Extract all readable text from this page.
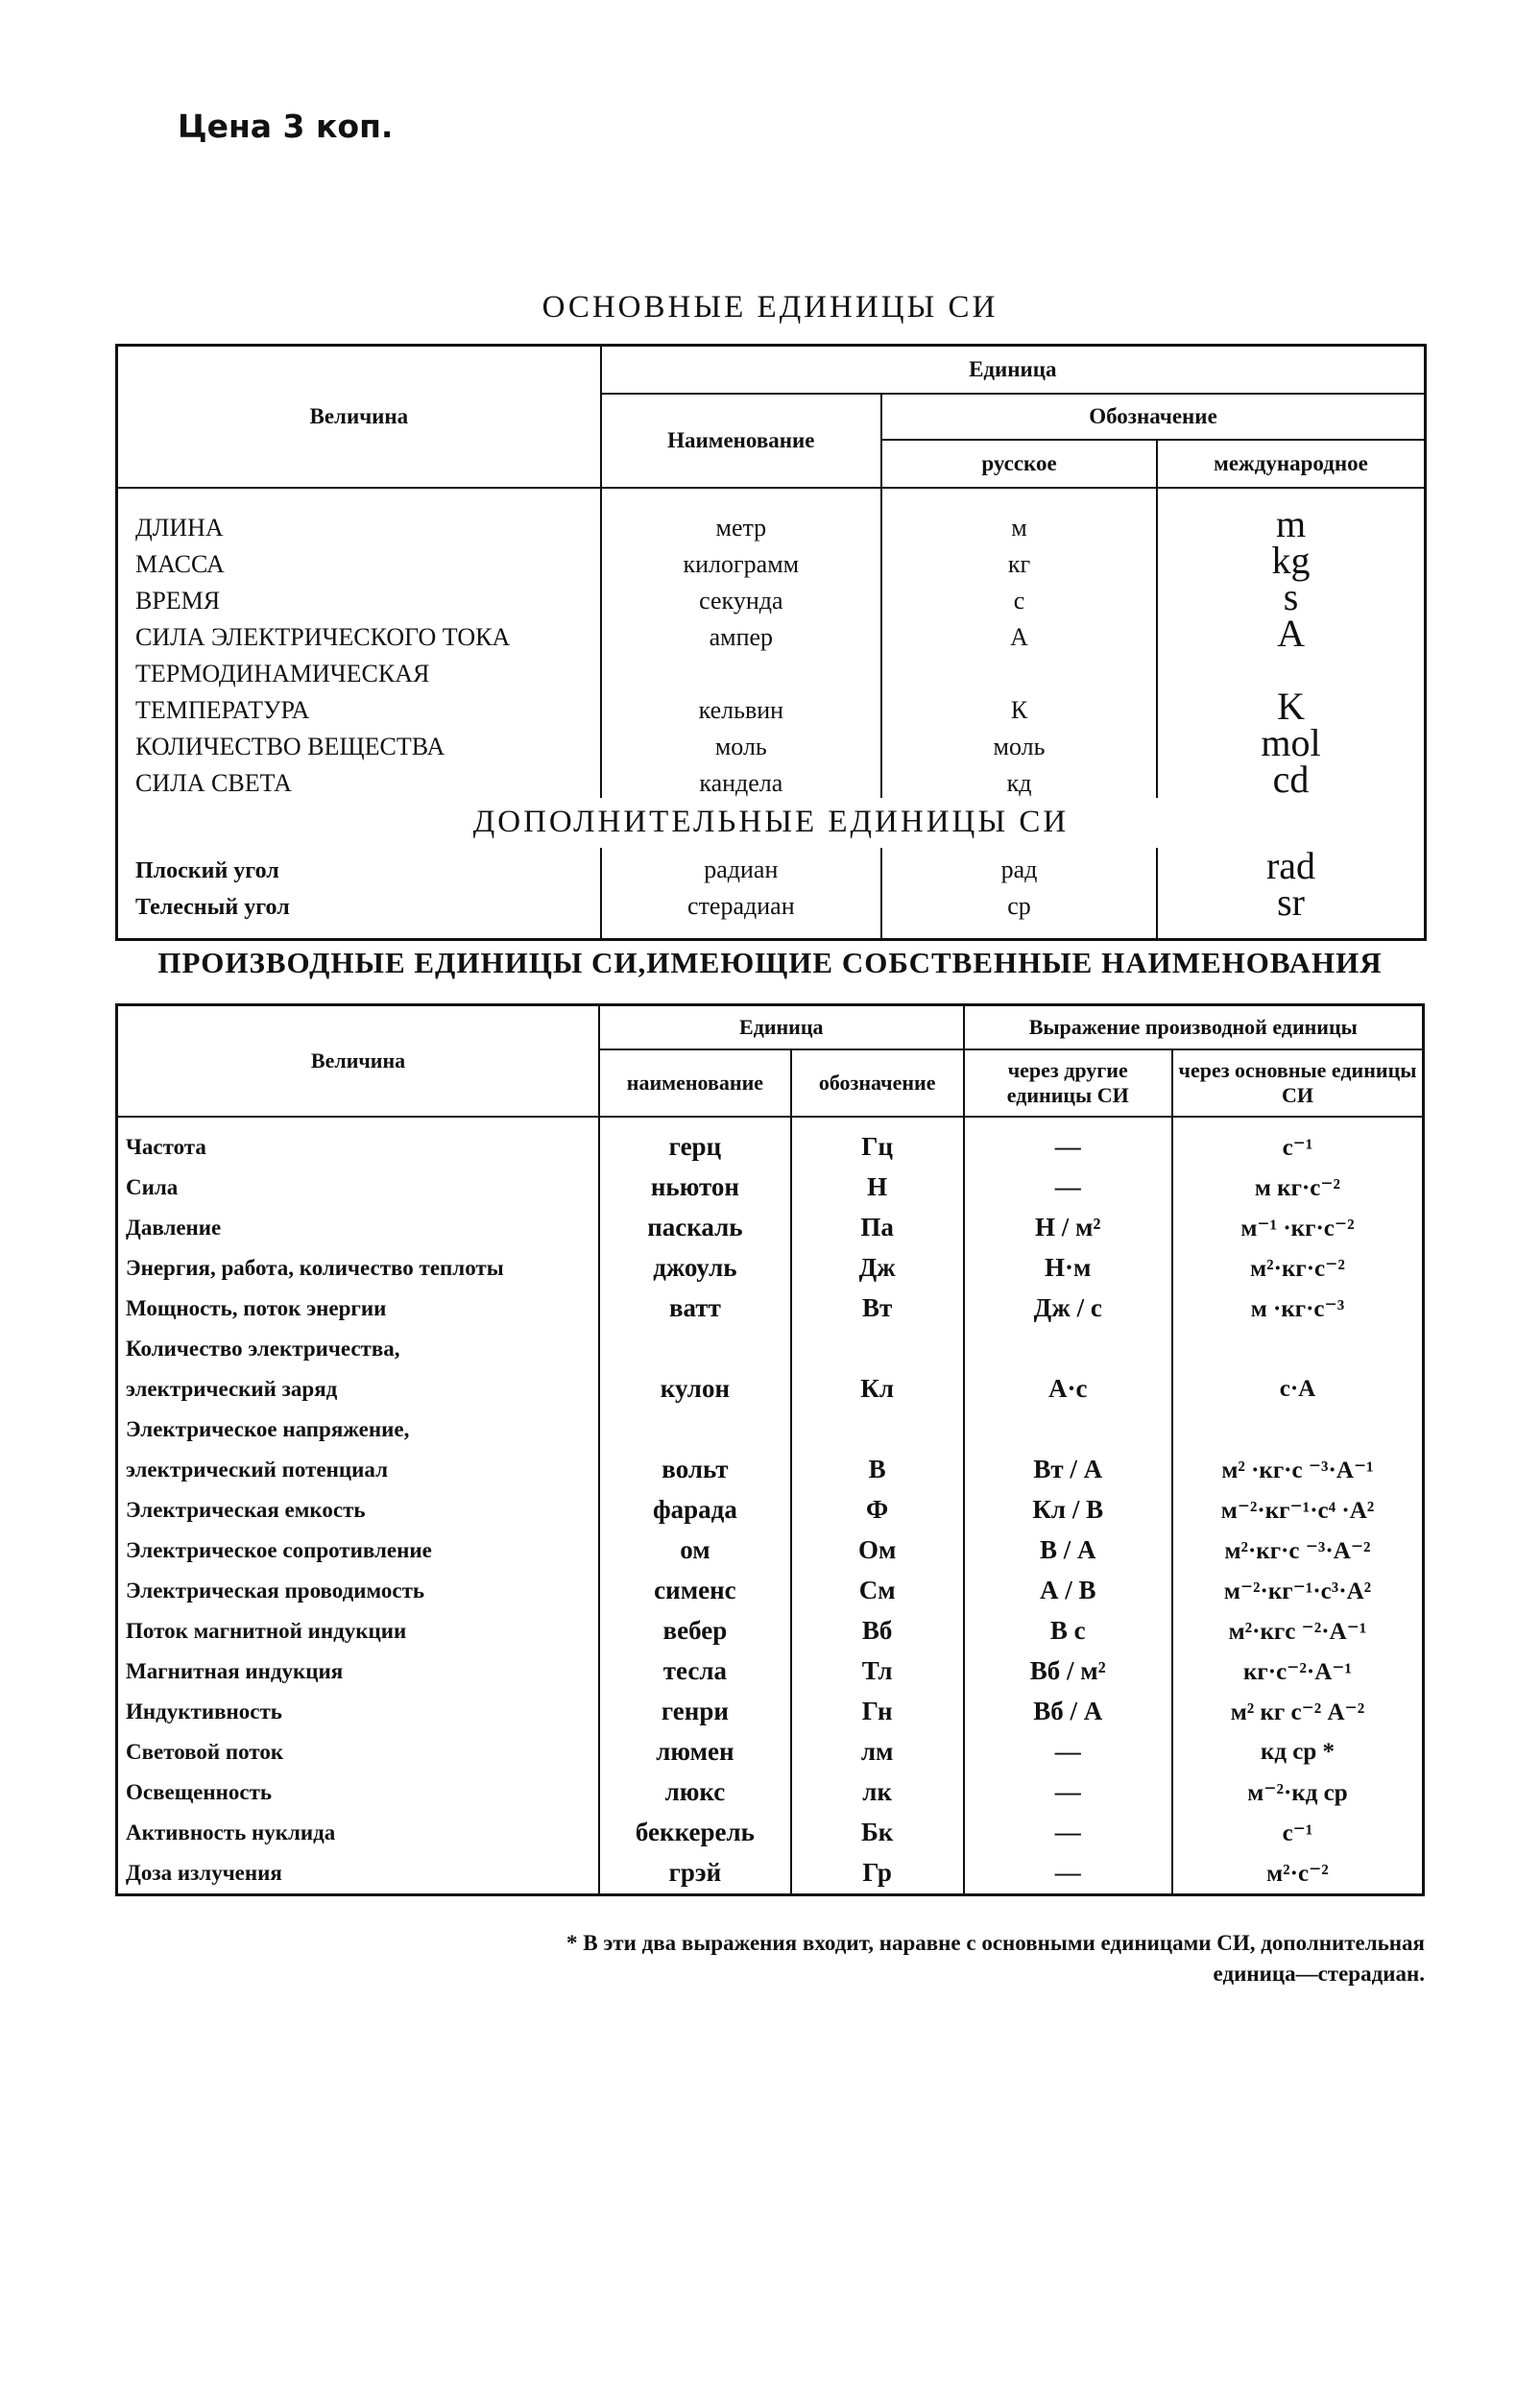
Цена 3 коп.
ОСНОВНЫЕ ЕДИНИЦЫ СИ
Величина	Единица		
	Наименование	Обозначение	
		русское	международное

ДЛИНА	метр	м	m
МАССА	килограмм	кг	kg
ВРЕМЯ	секунда	с	s
СИЛА ЭЛЕКТРИЧЕСКОГО ТОКА	ампер	А	A
ТЕРМОДИНАМИЧЕСКАЯ			
ТЕМПЕРАТУРА	кельвин	К	K
КОЛИЧЕСТВО ВЕЩЕСТВА	моль	моль	mol
СИЛА СВЕТА	кандела	кд	cd
ДОПОЛНИТЕЛЬНЫЕ ЕДИНИЦЫ СИ			
Плоский угол	радиан	рад	rad
Телесный угол	стерадиан	ср	sr

ПРОИЗВОДНЫЕ ЕДИНИЦЫ СИ,ИМЕЮЩИЕ СОБСТВЕННЫЕ НАИМЕНОВАНИЯ
Величина	Единица		Выражение производной единицы	
	наименование	обозначение	через другие единицы СИ	через основные единицы СИ

Частота	герц	Гц	—	с⁻¹
Сила	ньютон	Н	—	м кг·с⁻²
Давление	паскаль	Па	Н / м²	м⁻¹ ·кг·с⁻²
Энергия, работа, количество теплоты	джоуль	Дж	Н·м	м²·кг·с⁻²
Мощность, поток энергии	ватт	Вт	Дж / с	м ·кг·с⁻³
Количество электричества,				
электрический заряд	кулон	Кл	А·с	с·А
Электрическое напряжение,				
электрический потенциал	вольт	В	Вт / А	м² ·кг·с ⁻³·А⁻¹
Электрическая емкость	фарада	Ф	Кл / В	м⁻²·кг⁻¹·с⁴ ·А²
Электрическое сопротивление	ом	Ом	В / А	м²·кг·с ⁻³·А⁻²
Электрическая проводимость	сименс	См	А / В	м⁻²·кг⁻¹·с³·А²
Поток магнитной индукции	вебер	Вб	В с	м²·кгс ⁻²·А⁻¹
Магнитная индукция	тесла	Тл	Вб / м²	кг·с⁻²·А⁻¹
Индуктивность	генри	Гн	Вб / А	м² кг с⁻² А⁻²
Световой поток	люмен	лм	—	кд ср *
Освещенность	люкс	лк	—	м⁻²·кд ср
Активность нуклида	беккерель	Бк	—	с⁻¹
Доза излучения	грэй	Гр	—	м²·с⁻²
* В эти два выражения входит, наравне с основными единицами СИ, дополнительная
единица—стерадиан.
